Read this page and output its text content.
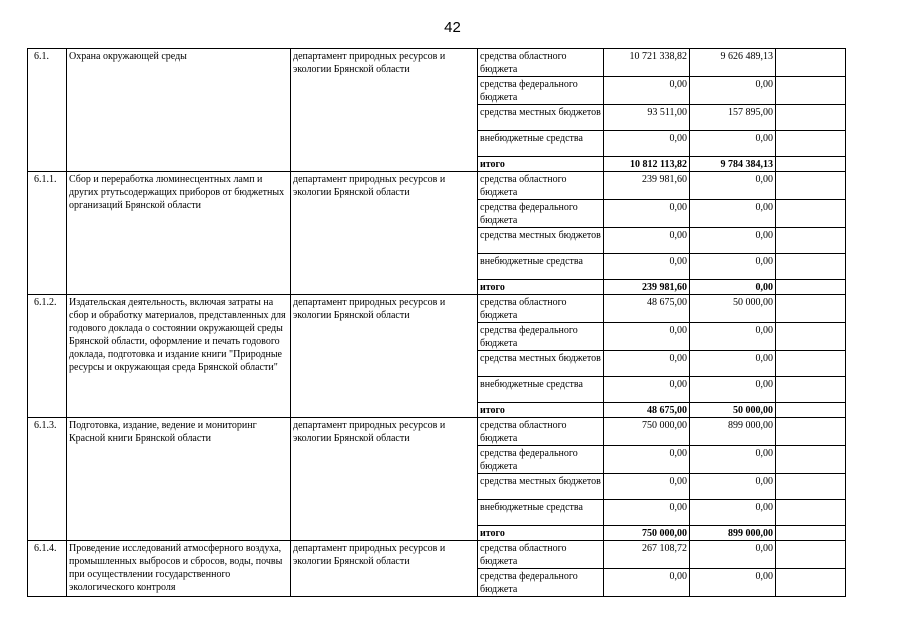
42
6.1.	Охрана окружающей среды	департамент природных ресурсов и экологии Брянской области	средства областного бюджета	10 721 338,82	9 626 489,13	
			средства федерального бюджета	0,00	0,00	
			средства местных бюджетов	93 511,00	157 895,00	
			внебюджетные средства	0,00	0,00	
			итого	10 812 113,82	9 784 384,13	
6.1.1.	Сбор и переработка люминесцентных ламп и других ртутьсодержащих приборов от бюджетных организаций Брянской области	департамент природных ресурсов и экологии Брянской области	средства областного бюджета	239 981,60	0,00	
			средства федерального бюджета	0,00	0,00	
			средства местных бюджетов	0,00	0,00	
			внебюджетные средства	0,00	0,00	
			итого	239 981,60	0,00	
6.1.2.	Издательская деятельность, включая затраты на сбор и обработку материалов, представленных для годового доклада о состоянии окружающей среды Брянской области, оформление и печать годового доклада, подготовка и издание книги "Природные ресурсы и окружающая среда Брянской области"	департамент природных ресурсов и экологии Брянской области	средства областного бюджета	48 675,00	50 000,00	
			средства федерального бюджета	0,00	0,00	
			средства местных бюджетов	0,00	0,00	
			внебюджетные средства	0,00	0,00	
			итого	48 675,00	50 000,00	
6.1.3.	Подготовка, издание, ведение и мониторинг Красной книги Брянской области	департамент природных ресурсов и экологии Брянской области	средства областного бюджета	750 000,00	899 000,00	
			средства федерального бюджета	0,00	0,00	
			средства местных бюджетов	0,00	0,00	
			внебюджетные средства	0,00	0,00	
			итого	750 000,00	899 000,00	
6.1.4.	Проведение исследований атмосферного воздуха, промышленных выбросов и сбросов, воды, почвы при осуществлении государственного экологического контроля	департамент природных ресурсов и экологии Брянской области	средства областного бюджета	267 108,72	0,00	
			средства федерального бюджета	0,00	0,00	
